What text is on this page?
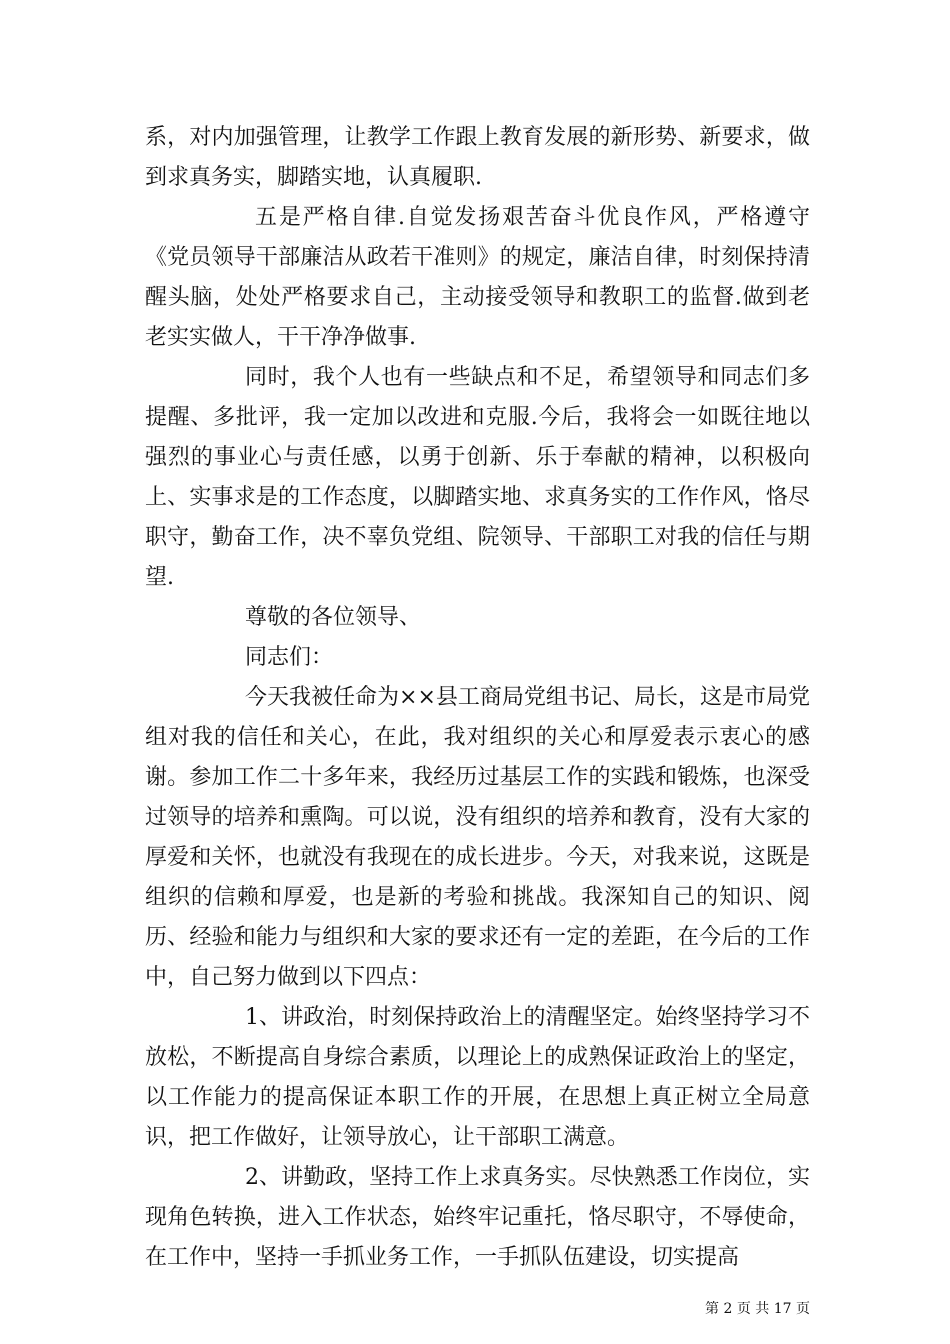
系，对内加强管理，让教学工作跟上教育发展的新形势、新要求，做到求真务实，脚踏实地，认真履职.

五是严格自律.自觉发扬艰苦奋斗优良作风，严格遵守《党员领导干部廉洁从政若干准则》的规定，廉洁自律，时刻保持清醒头脑，处处严格要求自己，主动接受领导和教职工的监督.做到老老实实做人，干干净净做事.

同时，我个人也有一些缺点和不足，希望领导和同志们多提醒、多批评，我一定加以改进和克服.今后，我将会一如既往地以强烈的事业心与责任感，以勇于创新、乐于奉献的精神，以积极向上、实事求是的工作态度，以脚踏实地、求真务实的工作作风，恪尽职守，勤奋工作，决不辜负党组、院领导、干部职工对我的信任与期望.

尊敬的各位领导、

同志们：

今天我被任命为××县工商局党组书记、局长，这是市局党组对我的信任和关心，在此，我对组织的关心和厚爱表示衷心的感谢。参加工作二十多年来，我经历过基层工作的实践和锻炼，也深受过领导的培养和熏陶。可以说，没有组织的培养和教育，没有大家的厚爱和关怀，也就没有我现在的成长进步。今天，对我来说，这既是组织的信赖和厚爱，也是新的考验和挑战。我深知自己的知识、阅历、经验和能力与组织和大家的要求还有一定的差距，在今后的工作中，自己努力做到以下四点：

1、讲政治，时刻保持政治上的清醒坚定。始终坚持学习不放松，不断提高自身综合素质，以理论上的成熟保证政治上的坚定，以工作能力的提高保证本职工作的开展，在思想上真正树立全局意识，把工作做好，让领导放心，让干部职工满意。

2、讲勤政，坚持工作上求真务实。尽快熟悉工作岗位，实现角色转换，进入工作状态，始终牢记重托，恪尽职守，不辱使命，在工作中，坚持一手抓业务工作，一手抓队伍建设，切实提高

第 2 页 共 17 页
